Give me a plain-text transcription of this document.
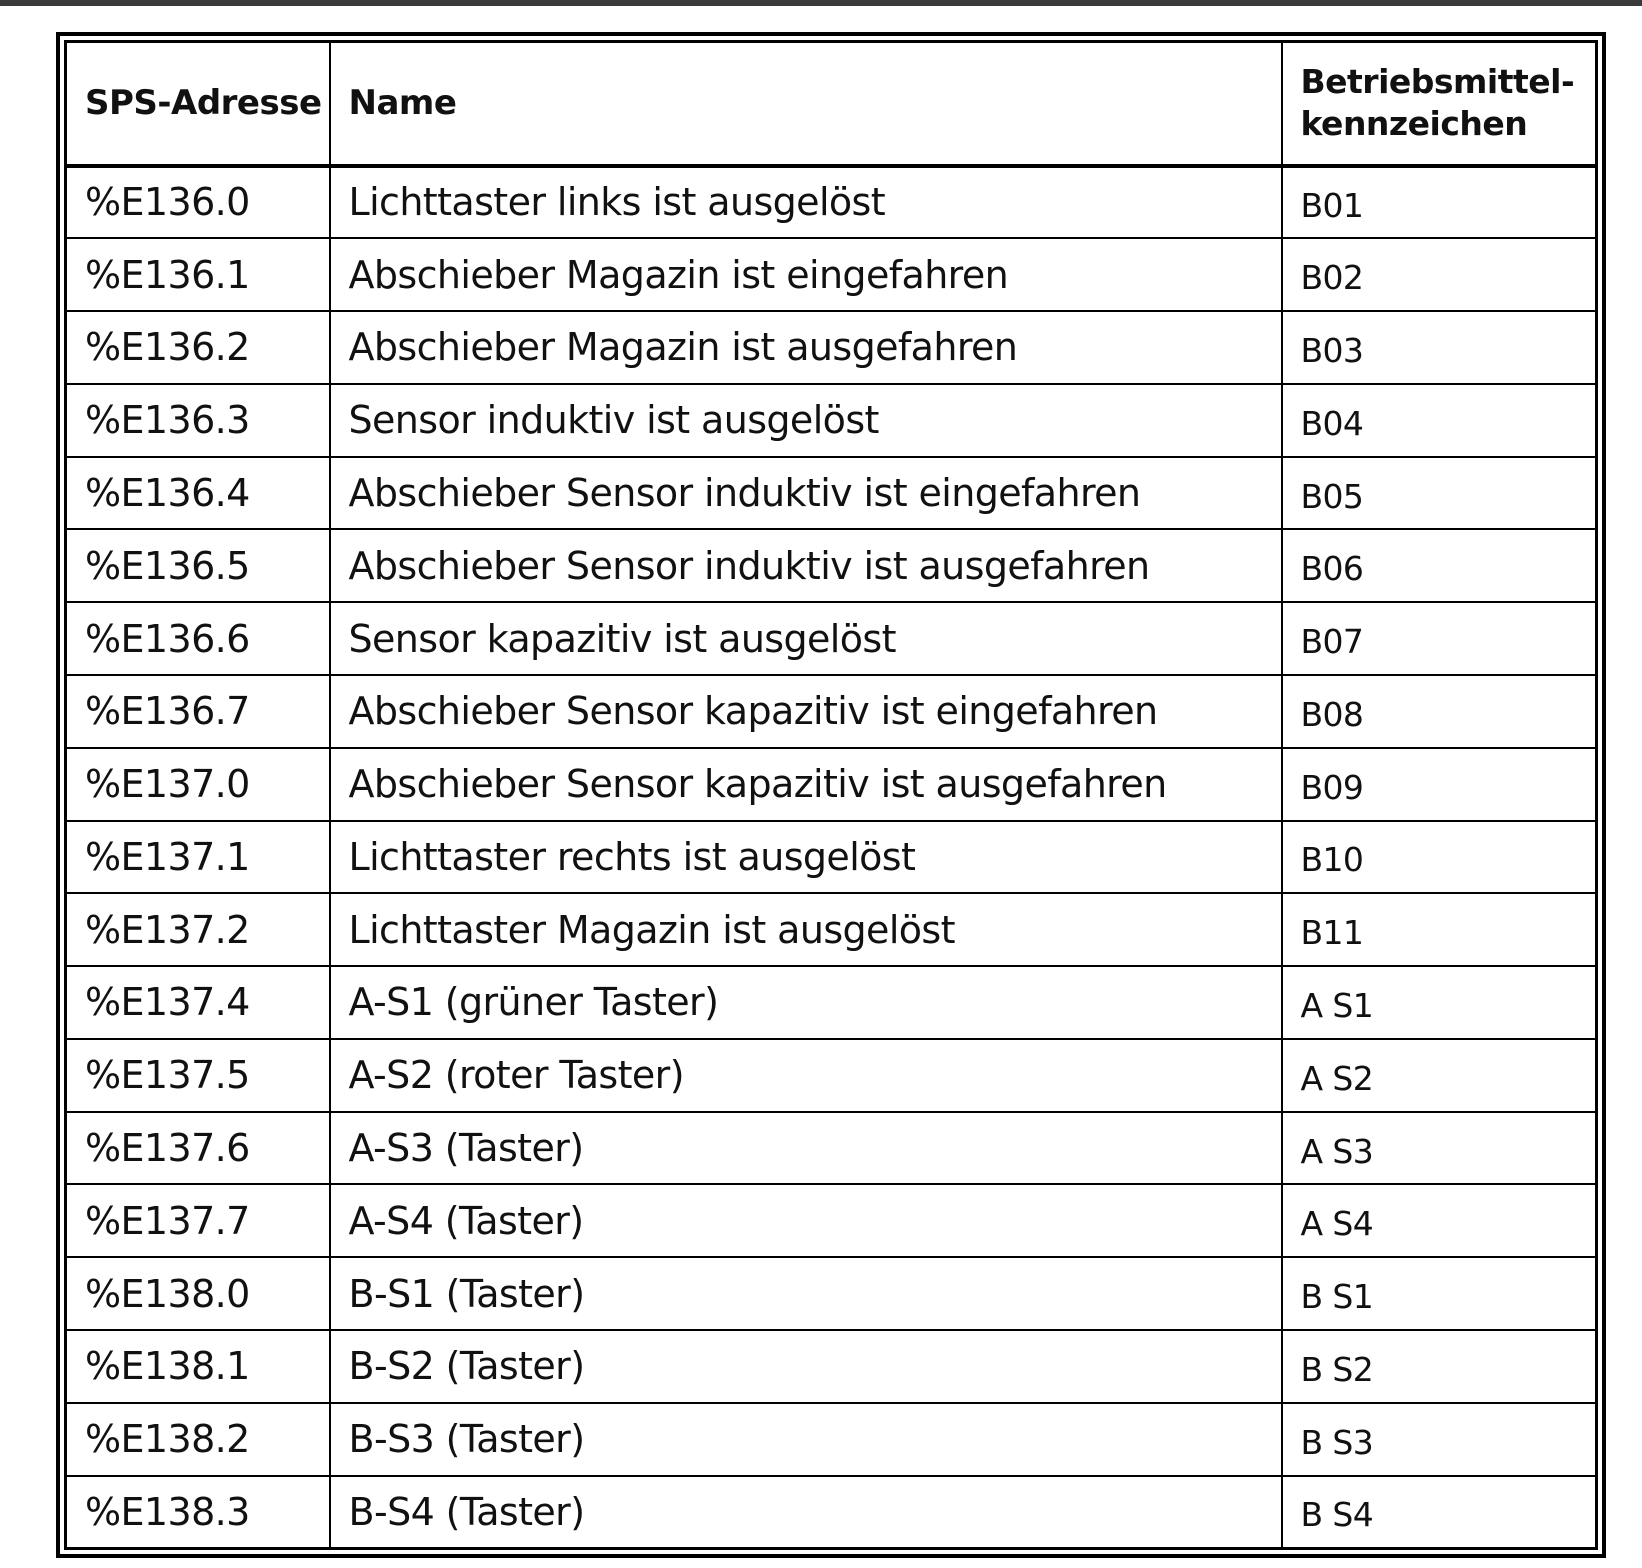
SPS-Adresse	Name	Betriebsmittel-
kennzeichen
%E136.0	Lichttaster links ist ausgelöst	B01
%E136.1	Abschieber Magazin ist eingefahren	B02
%E136.2	Abschieber Magazin ist ausgefahren	B03
%E136.3	Sensor induktiv ist ausgelöst	B04
%E136.4	Abschieber Sensor induktiv ist eingefahren	B05
%E136.5	Abschieber Sensor induktiv ist ausgefahren	B06
%E136.6	Sensor kapazitiv ist ausgelöst	B07
%E136.7	Abschieber Sensor kapazitiv ist eingefahren	B08
%E137.0	Abschieber Sensor kapazitiv ist ausgefahren	B09
%E137.1	Lichttaster rechts ist ausgelöst	B10
%E137.2	Lichttaster Magazin ist ausgelöst	B11
%E137.4	A-S1 (grüner Taster)	A S1
%E137.5	A-S2 (roter Taster)	A S2
%E137.6	A-S3 (Taster)	A S3
%E137.7	A-S4 (Taster)	A S4
%E138.0	B-S1 (Taster)	B S1
%E138.1	B-S2 (Taster)	B S2
%E138.2	B-S3 (Taster)	B S3
%E138.3	B-S4 (Taster)	B S4
